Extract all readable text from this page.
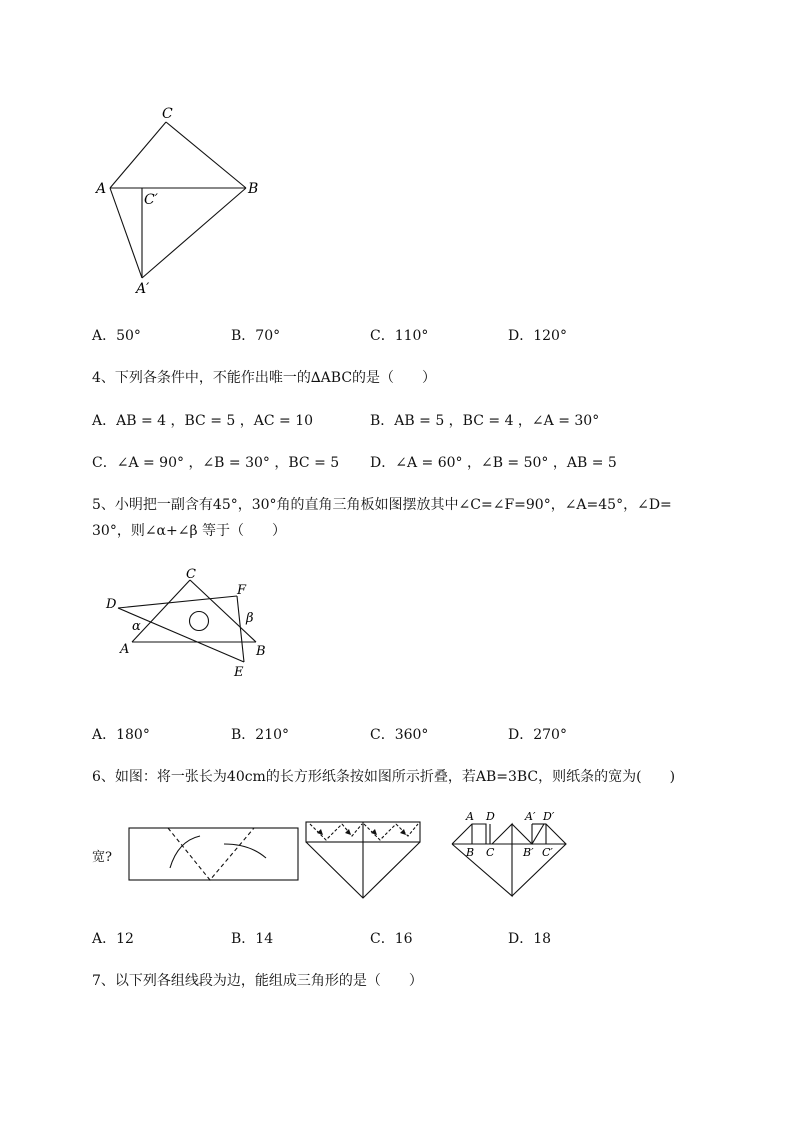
C
A	B
C′
A′
A．50°	B．70°	C．110°	D．120°
4、下列各条件中，不能作出唯一的∆ABC的是（　　）
A．AB = 4 ，BC = 5 ，AC = 10	B．AB = 5 ，BC = 4 ，∠A = 30°
C．∠A = 90° ，∠B = 30° ，BC = 5 D．∠A = 60° ，∠B = 50° ，AB = 5
5、小明把一副含有45°，30°角的直角三角板如图摆放其中∠C=∠F=90°，∠A=45°，∠D=
30°，则∠α+∠β 等于（　　）
C
F
D
α
β
A	B
E
A．180°	B．210°	C．360°	D．270°
6、如图：将一张长为40cm的长方形纸条按如图所示折叠，若AB=3BC，则纸条的宽为(　　)
宽?
A D
B C
A′ D′
B′ C′
A．12	B．14	C．16	D．18
7、以下列各组线段为边，能组成三角形的是（　　）
